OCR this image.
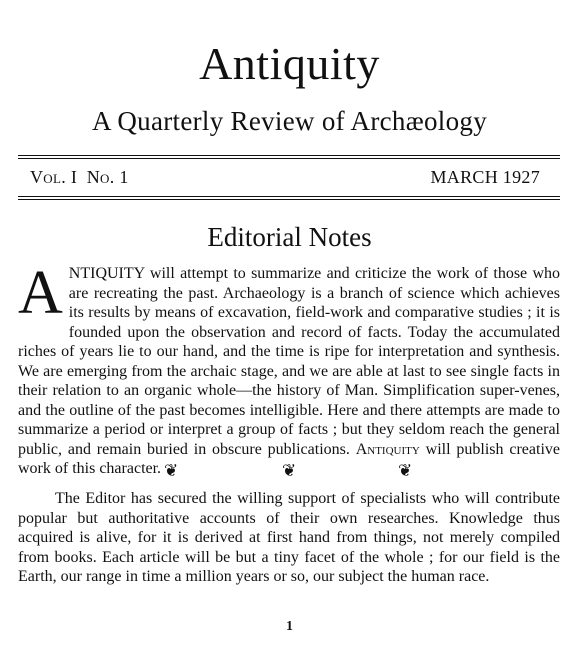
Antiquity
A Quarterly Review of Archæology
Vol. I No. 1	MARCH 1927
Editorial Notes

ANTIQUITY will attempt to summarize and criticize the work of those who are recreating the past. Archaeology is a branch of science which achieves its results by means of excavation, field-work and comparative studies ; it is founded upon the observation and record of facts. Today the accumulated riches of years lie to our hand, and the time is ripe for interpretation and synthesis. We are emerging from the archaic stage, and we are able at last to see single facts in their relation to an organic whole—the history of Man. Simplification super-venes, and the outline of the past becomes intelligible. Here and there attempts are made to summarize a period or interpret a group of facts ; but they seldom reach the general public, and remain buried in obscure publications. Antiquity will publish creative work of this character. ❦	❦	❦

The Editor has secured the willing support of specialists who will contribute popular but authoritative accounts of their own researches. Knowledge thus acquired is alive, for it is derived at first hand from things, not merely compiled from books. Each article will be but a tiny facet of the whole ; for our field is the Earth, our range in time a million years or so, our subject the human race.

1
